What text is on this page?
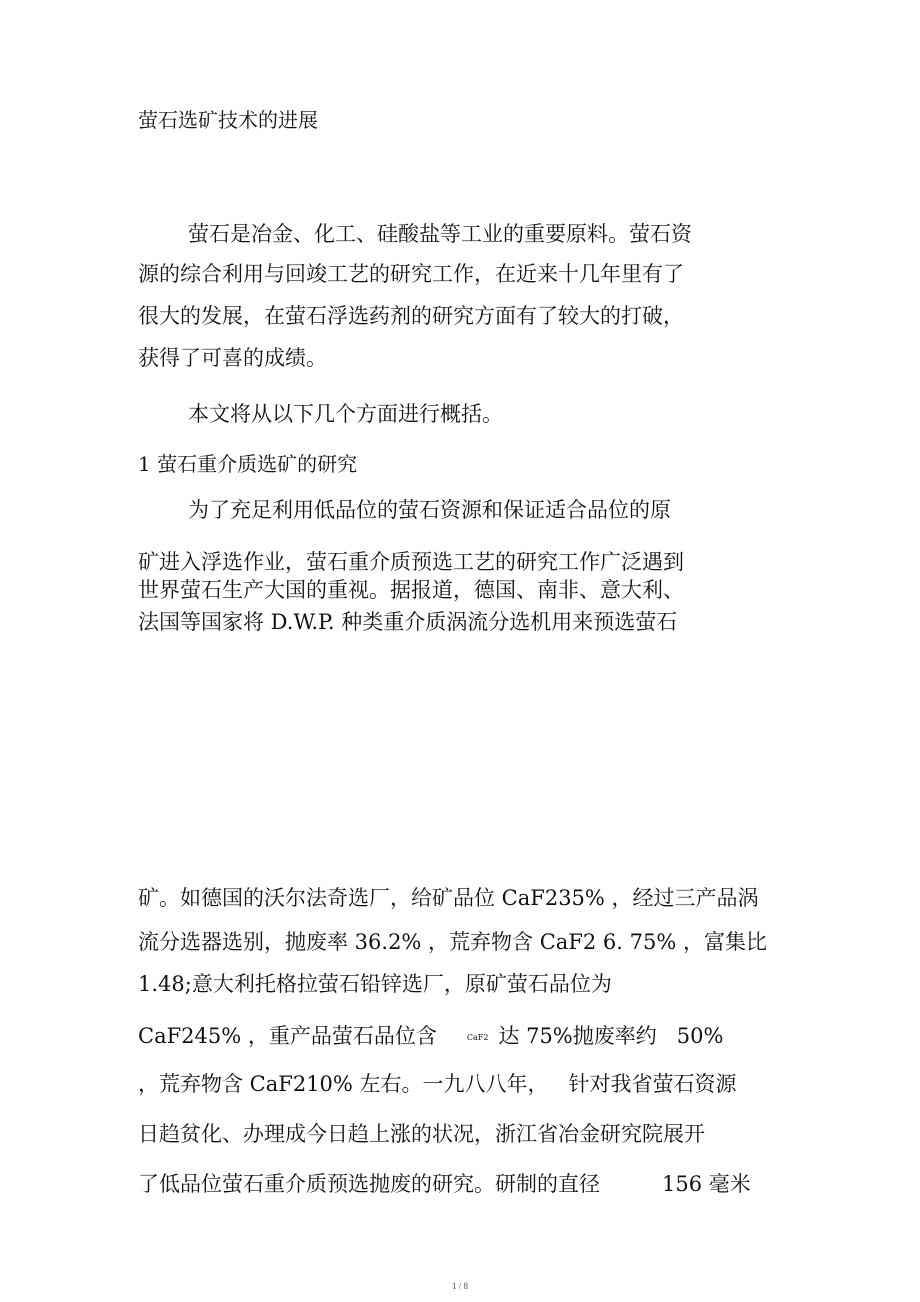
萤石选矿技术的进展
萤石是冶金、化工、硅酸盐等工业的重要原料。萤石资
源的综合利用与回竣工艺的研究工作，在近来十几年里有了
很大的发展，在萤石浮选药剂的研究方面有了较大的打破，
获得了可喜的成绩。
本文将从以下几个方面进行概括。
1 萤石重介质选矿的研究
为了充足利用低品位的萤石资源和保证适合品位的原
矿进入浮选作业，萤石重介质预选工艺的研究工作广泛遇到
世界萤石生产大国的重视。据报道，德国、南非、意大利、
法国等国家将 D.W.P. 种类重介质涡流分选机用来预选萤石
矿。如德国的沃尔法奇选厂，给矿品位 CaF235% ，经过三产品涡
流分选器选别，抛废率 36.2% ，荒弃物含 CaF2 6. 75% ，富集比
1.48;意大利托格拉萤石铅锌选厂，原矿萤石品位为
CaF245% ，重产品萤石品位含	CaF2 达 75%抛废率约 50%
，荒弃物含 CaF210% 左右。一九八八年， 针对我省萤石资源
日趋贫化、办理成今日趋上涨的状况，浙江省冶金研究院展开
了低品位萤石重介质预选抛废的研究。研制的直径	156 毫米
1 / 8
